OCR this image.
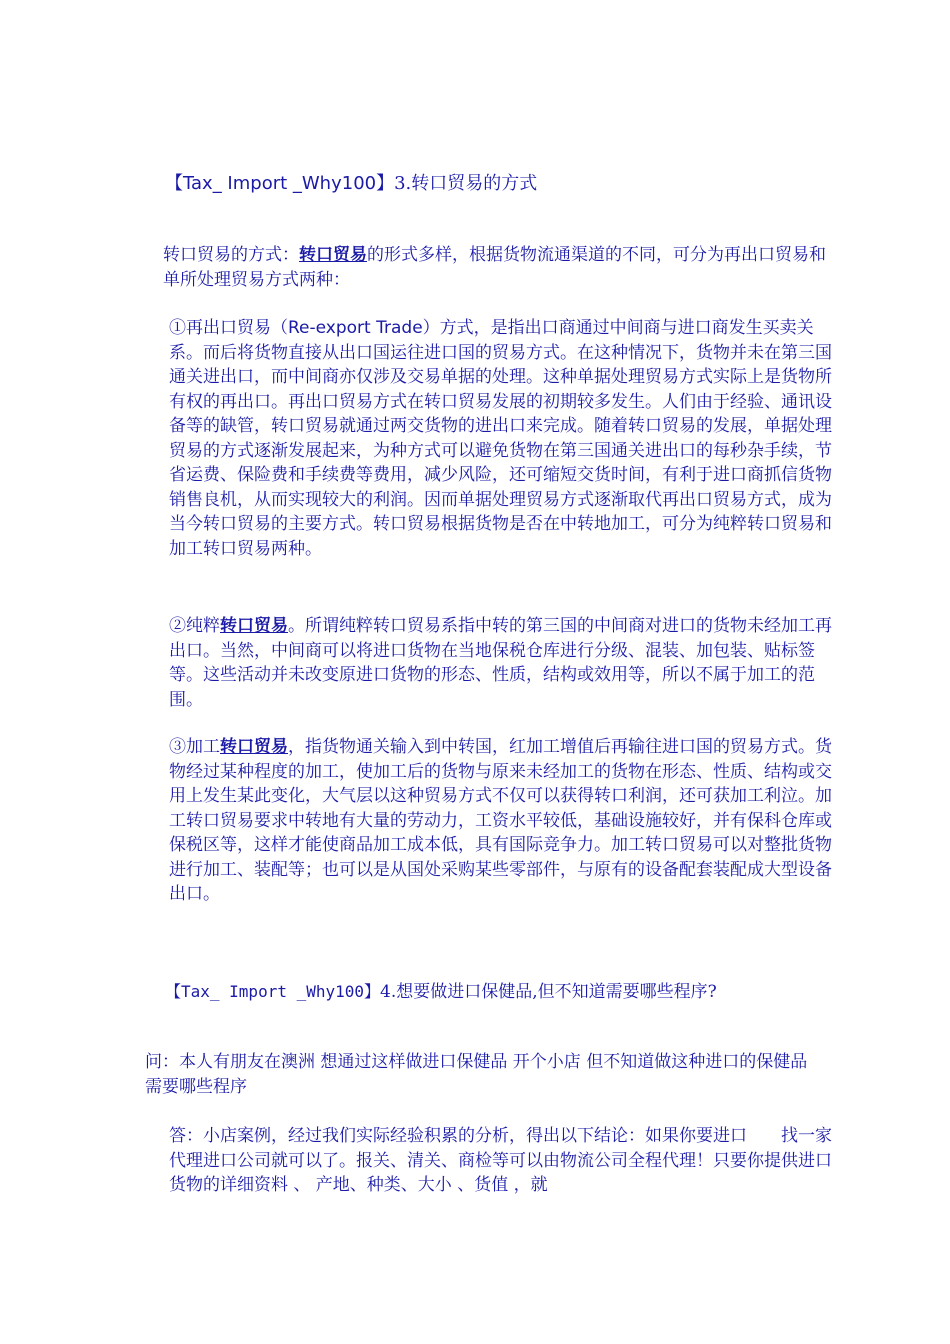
【Tax_ Import _Why100】3.转口贸易的方式

转口贸易的方式：转口贸易的形式多样，根据货物流通渠道的不同，可分为再出口贸易和单所处理贸易方式两种：

①再出口贸易（Re-export Trade）方式，是指出口商通过中间商与进口商发生买卖关系。而后将货物直接从出口国运往进口国的贸易方式。在这种情况下，货物并未在第三国通关进出口，而中间商亦仅涉及交易单据的处理。这种单据处理贸易方式实际上是货物所有权的再出口。再出口贸易方式在转口贸易发展的初期较多发生。人们由于经验、通讯设备等的缺管，转口贸易就通过两交货物的进出口来完成。随着转口贸易的发展，单据处理贸易的方式逐渐发展起来，为种方式可以避免货物在第三国通关进出口的每秒杂手续，节省运费、保险费和手续费等费用，减少风险，还可缩短交货时间，有利于进口商抓信货物销售良机，从而实现较大的利润。因而单据处理贸易方式逐渐取代再出口贸易方式，成为当今转口贸易的主要方式。转口贸易根据货物是否在中转地加工，可分为纯粹转口贸易和加工转口贸易两种。

②纯粹转口贸易。所谓纯粹转口贸易系指中转的第三国的中间商对进口的货物未经加工再出口。当然，中间商可以将进口货物在当地保税仓库进行分级、混装、加包装、贴标签等。这些活动并未改变原进口货物的形态、性质，结构或效用等，所以不属于加工的范围。

③加工转口贸易，指货物通关输入到中转国，红加工增值后再输往进口国的贸易方式。货物经过某种程度的加工，使加工后的货物与原来未经加工的货物在形态、性质、结构或交用上发生某此变化，大气层以这种贸易方式不仅可以获得转口利润，还可获加工利泣。加工转口贸易要求中转地有大量的劳动力，工资水平较低，基础设施较好，并有保科仓库或保税区等，这样才能使商品加工成本低，具有国际竞争力。加工转口贸易可以对整批货物进行加工、装配等；也可以是从国处采购某些零部件，与原有的设备配套装配成大型设备出口。

【Tax_ Import _Why100】4.想要做进口保健品,但不知道需要哪些程序?

问：本人有朋友在澳洲 想通过这样做进口保健品 开个小店 但不知道做这种进口的保健品需要哪些程序

答：小店案例，经过我们实际经验积累的分析，得出以下结论：如果你要进口　　找一家代理进口公司就可以了。报关、清关、商检等可以由物流公司全程代理！只要你提供进口货物的详细资料 、 产地、种类、大小 、货值 ，就
